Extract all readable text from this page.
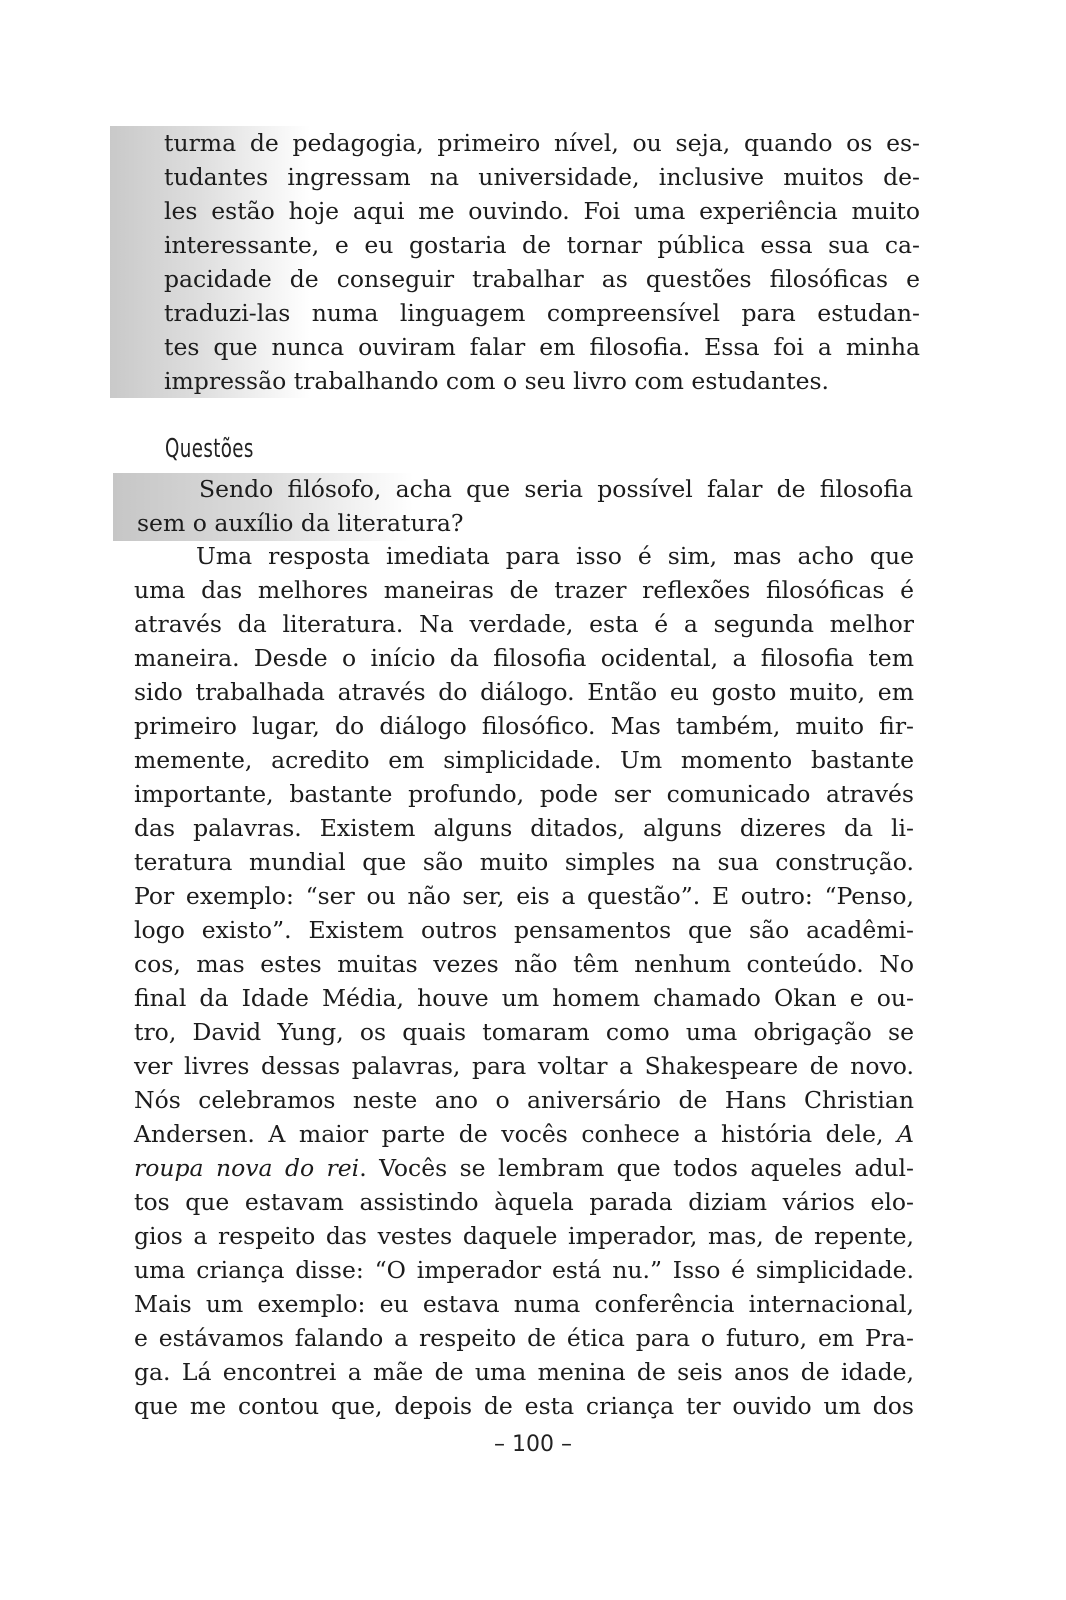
turma de pedagogia, primeiro nível, ou seja, quando os es-
tudantes ingressam na universidade, inclusive muitos de-
les estão hoje aqui me ouvindo. Foi uma experiência muito
interessante, e eu gostaria de tornar pública essa sua ca-
pacidade de conseguir trabalhar as questões filosóficas e
traduzi-las numa linguagem compreensível para estudan-
tes que nunca ouviram falar em filosofia. Essa foi a minha
impressão trabalhando com o seu livro com estudantes.
Questões
Sendo filósofo, acha que seria possível falar de filosofia
sem o auxílio da literatura?
Uma resposta imediata para isso é sim, mas acho que
uma das melhores maneiras de trazer reflexões filosóficas é
através da literatura. Na verdade, esta é a segunda melhor
maneira. Desde o início da filosofia ocidental, a filosofia tem
sido trabalhada através do diálogo. Então eu gosto muito, em
primeiro lugar, do diálogo filosófico. Mas também, muito fir-
memente, acredito em simplicidade. Um momento bastante
importante, bastante profundo, pode ser comunicado através
das palavras. Existem alguns ditados, alguns dizeres da li-
teratura mundial que são muito simples na sua construção.
Por exemplo: “ser ou não ser, eis a questão”. E outro: “Penso,
logo existo”. Existem outros pensamentos que são acadêmi-
cos, mas estes muitas vezes não têm nenhum conteúdo. No
final da Idade Média, houve um homem chamado Okan e ou-
tro, David Yung, os quais tomaram como uma obrigação se
ver livres dessas palavras, para voltar a Shakespeare de novo.
Nós celebramos neste ano o aniversário de Hans Christian
Andersen. A maior parte de vocês conhece a história dele, A
roupa nova do rei. Vocês se lembram que todos aqueles adul-
tos que estavam assistindo àquela parada diziam vários elo-
gios a respeito das vestes daquele imperador, mas, de repente,
uma criança disse: “O imperador está nu.” Isso é simplicidade.
Mais um exemplo: eu estava numa conferência internacional,
e estávamos falando a respeito de ética para o futuro, em Pra-
ga. Lá encontrei a mãe de uma menina de seis anos de idade,
que me contou que, depois de esta criança ter ouvido um dos
– 100 –
